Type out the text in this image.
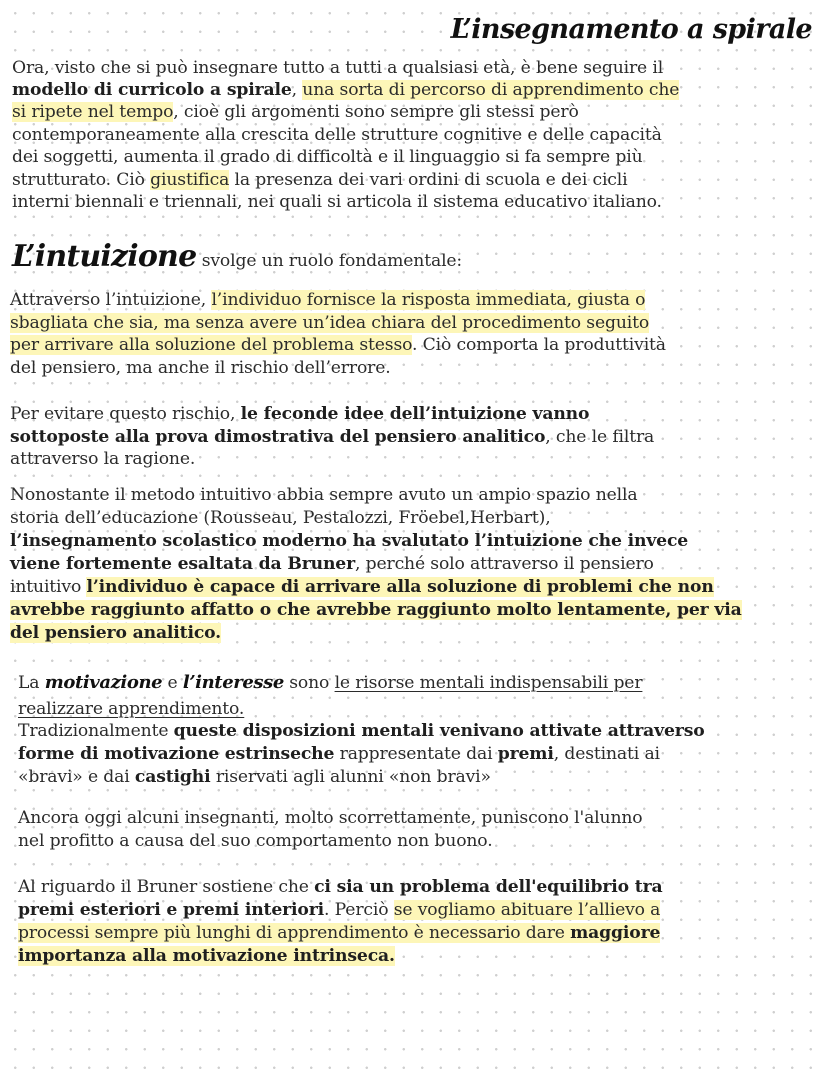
L’insegnamento a spirale
Ora, visto che si può insegnare tutto a tutti a qualsiasi età, è bene seguire il
modello di curricolo a spirale, una sorta di percorso di apprendimento che
si ripete nel tempo, cioè gli argomenti sono sempre gli stessi però
contemporaneamente alla crescita delle strutture cognitive e delle capacità
dei soggetti, aumenta il grado di difficoltà e il linguaggio si fa sempre più
strutturato. Ciò giustifica la presenza dei vari ordini di scuola e dei cicli
interni biennali e triennali, nei quali si articola il sistema educativo italiano.
L’intuizione svolge un ruolo fondamentale:
Attraverso l’intuizione, l’individuo fornisce la risposta immediata, giusta o
sbagliata che sia, ma senza avere un’idea chiara del procedimento seguito
per arrivare alla soluzione del problema stesso. Ciò comporta la produttività
del pensiero, ma anche il rischio dell’errore.
Per evitare questo rischio, le feconde idee dell’intuizione vanno
sottoposte alla prova dimostrativa del pensiero analitico, che le filtra
attraverso la ragione.
Nonostante il metodo intuitivo abbia sempre avuto un ampio spazio nella
storia dell’educazione (Rousseau, Pestalozzi, Fröebel,Herbart),
l’insegnamento scolastico moderno ha svalutato l’intuizione che invece
viene fortemente esaltata da Bruner, perché solo attraverso il pensiero
intuitivo l’individuo è capace di arrivare alla soluzione di problemi che non
avrebbe raggiunto affatto o che avrebbe raggiunto molto lentamente, per via
del pensiero analitico.
La motivazione e l’interesse sono le risorse mentali indispensabili per
realizzare apprendimento.
Tradizionalmente queste disposizioni mentali venivano attivate attraverso
forme di motivazione estrinseche rappresentate dai premi, destinati ai
«bravi» e dai castighi riservati agli alunni «non bravi»
Ancora oggi alcuni insegnanti, molto scorrettamente, puniscono l'alunno
nel profitto a causa del suo comportamento non buono.
Al riguardo il Bruner sostiene che ci sia un problema dell'equilibrio tra
premi esteriori e premi interiori. Perciò se vogliamo abituare l’allievo a
processi sempre più lunghi di apprendimento è necessario dare maggiore
importanza alla motivazione intrinseca.
